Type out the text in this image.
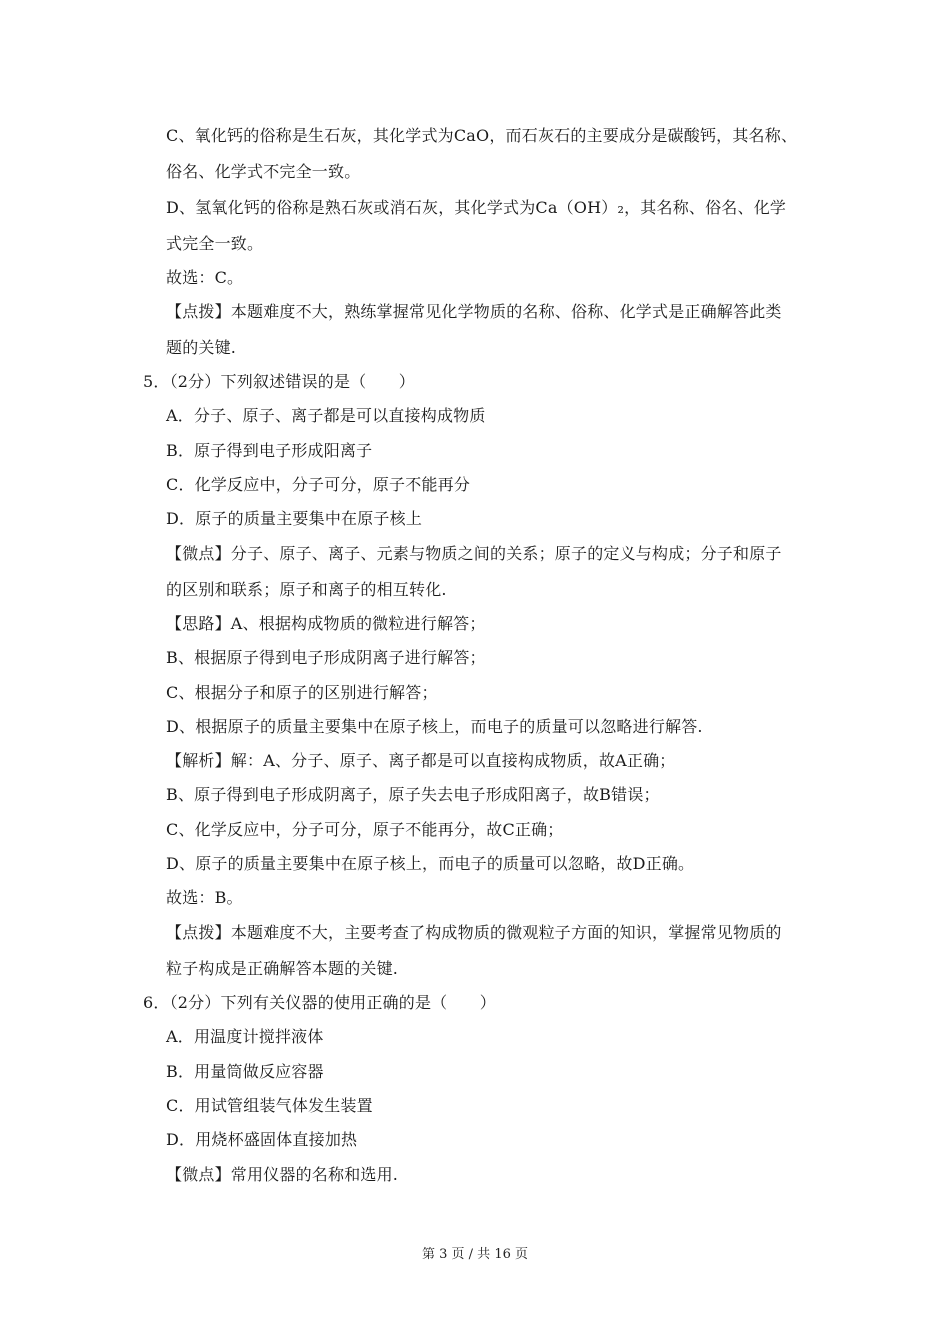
C、氧化钙的俗称是生石灰，其化学式为CaO，而石灰石的主要成分是碳酸钙，其名称、
俗名、化学式不完全一致。
D、氢氧化钙的俗称是熟石灰或消石灰，其化学式为Ca（OH）₂，其名称、俗名、化学
式完全一致。
故选：C。
【点拨】本题难度不大，熟练掌握常见化学物质的名称、俗称、化学式是正确解答此类
题的关键.
5．（2分）下列叙述错误的是（　　）
A．分子、原子、离子都是可以直接构成物质
B．原子得到电子形成阳离子
C．化学反应中，分子可分，原子不能再分
D．原子的质量主要集中在原子核上
【微点】分子、原子、离子、元素与物质之间的关系；原子的定义与构成；分子和原子
的区别和联系；原子和离子的相互转化.
【思路】A、根据构成物质的微粒进行解答；
B、根据原子得到电子形成阴离子进行解答；
C、根据分子和原子的区别进行解答；
D、根据原子的质量主要集中在原子核上，而电子的质量可以忽略进行解答.
【解析】解：A、分子、原子、离子都是可以直接构成物质，故A正确；
B、原子得到电子形成阴离子，原子失去电子形成阳离子，故B错误；
C、化学反应中，分子可分，原子不能再分，故C正确；
D、原子的质量主要集中在原子核上，而电子的质量可以忽略，故D正确。
故选：B。
【点拨】本题难度不大，主要考查了构成物质的微观粒子方面的知识，掌握常见物质的
粒子构成是正确解答本题的关键.
6．（2分）下列有关仪器的使用正确的是（　　）
A．用温度计搅拌液体
B．用量筒做反应容器
C．用试管组装气体发生装置
D．用烧杯盛固体直接加热
【微点】常用仪器的名称和选用.
第 3 页 / 共 16 页
